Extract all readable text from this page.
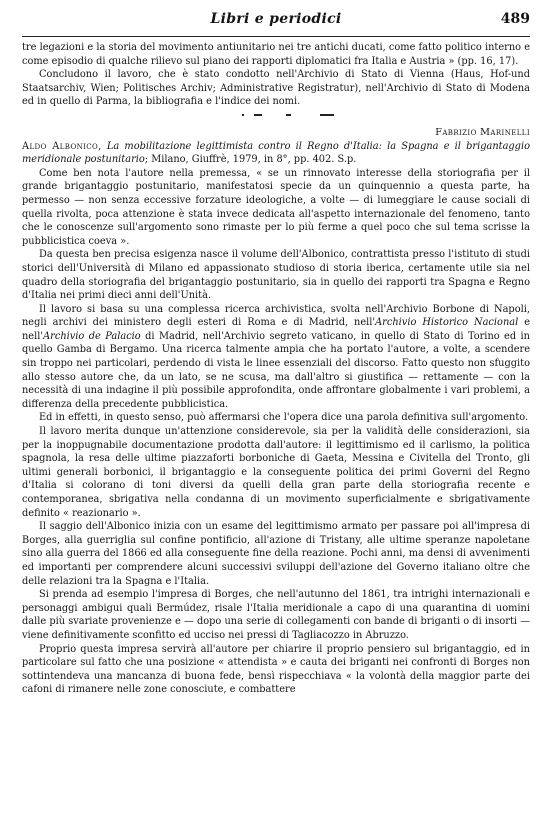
Libri e periodici	489

tre legazioni e la storia del movimento antiunitario nei tre antichi ducati, come fatto politico interno e come episodio di qualche rilievo sul piano dei rapporti diplomatici fra Italia e Austria » (pp. 16, 17).

Concludono il lavoro, che è stato condotto nell'Archivio di Stato di Vienna (Haus, Hof-und Staatsarchiv, Wien; Politisches Archiv; Administrative Registratur), nell'Archivio di Stato di Modena ed in quello di Parma, la bibliografia e l'indice dei nomi.

Fabrizio Marinelli

Aldo Albonico, La mobilitazione legittimista contro il Regno d'Italia: la Spagna e il brigantaggio meridionale postunitario; Milano, Giuffrè, 1979, in 8°, pp. 402. S.p.

Come ben nota l'autore nella premessa, « se un rinnovato interesse della storiografia per il grande brigantaggio postunitario, manifestatosi specie da un quinquennio a questa parte, ha permesso — non senza eccessive forzature ideologiche, a volte — di lumeggiare le cause sociali di quella rivolta, poca attenzione è stata invece dedicata all'aspetto internazionale del fenomeno, tanto che le conoscenze sull'argomento sono rimaste per lo più ferme a quel poco che sul tema scrisse la pubblicistica coeva ».

Da questa ben precisa esigenza nasce il volume dell'Albonico, contrattista presso l'istituto di studi storici dell'Università di Milano ed appassionato studioso di storia iberica, certamente utile sia nel quadro della storiografia del brigantaggio postunitario, sia in quello dei rapporti tra Spagna e Regno d'Italia nei primi dieci anni dell'Unità.

Il lavoro si basa su una complessa ricerca archivistica, svolta nell'Archivio Borbone di Napoli, negli archivi dei ministero degli esteri di Roma e di Madrid, nell'Archivio Historico Nacional e nell'Archivio de Palacio di Madrid, nell'Archivio segreto vaticano, in quello di Stato di Torino ed in quello Gamba di Bergamo. Una ricerca talmente ampia che ha portato l'autore, a volte, a scendere sin troppo nei particolari, perdendo di vista le linee essenziali del discorso. Fatto questo non sfuggito allo stesso autore che, da un lato, se ne scusa, ma dall'altro si giustifica — rettamente — con la necessità di una indagine il più possibile approfondita, onde affrontare globalmente i vari problemi, a differenza della precedente pubblicistica.

Ed in effetti, in questo senso, può affermarsi che l'opera dice una parola definitiva sull'argomento.

Il lavoro merita dunque un'attenzione considerevole, sia per la validità delle considerazioni, sia per la inoppugnabile documentazione prodotta dall'autore: il legittimismo ed il carlismo, la politica spagnola, la resa delle ultime piazzaforti borboniche di Gaeta, Messina e Civitella del Tronto, gli ultimi generali borbonici, il brigantaggio e la conseguente politica dei primi Governi del Regno d'Italia si colorano di toni diversi da quelli della gran parte della storiografia recente e contemporanea, sbrigativa nella condanna di un movimento superficialmente e sbrigativamente definito « reazionario ».

Il saggio dell'Albonico inizia con un esame del legittimismo armato per passare poi all'impresa di Borges, alla guerriglia sul confine pontificio, all'azione di Tristany, alle ultime speranze napoletane sino alla guerra del 1866 ed alla conseguente fine della reazione. Pochi anni, ma densi di avvenimenti ed importanti per comprendere alcuni successivi sviluppi dell'azione del Governo italiano oltre che delle relazioni tra la Spagna e l'Italia.

Si prenda ad esempio l'impresa di Borges, che nell'autunno del 1861, tra intrighi internazionali e personaggi ambigui quali Bermúdez, risale l'Italia meridionale a capo di una quarantina di uomini dalle più svariate provenienze e — dopo una serie di collegamenti con bande di briganti o di insorti — viene definitivamente sconfitto ed ucciso nei pressi di Tagliacozzo in Abruzzo.

Proprio questa impresa servirà all'autore per chiarire il proprio pensiero sul brigantaggio, ed in particolare sul fatto che una posizione « attendista » e cauta dei briganti nei confronti di Borges non sottintendeva una mancanza di buona fede, bensì rispecchiava « la volontà della maggior parte dei cafoni di rimanere nelle zone conosciute, e combattere
